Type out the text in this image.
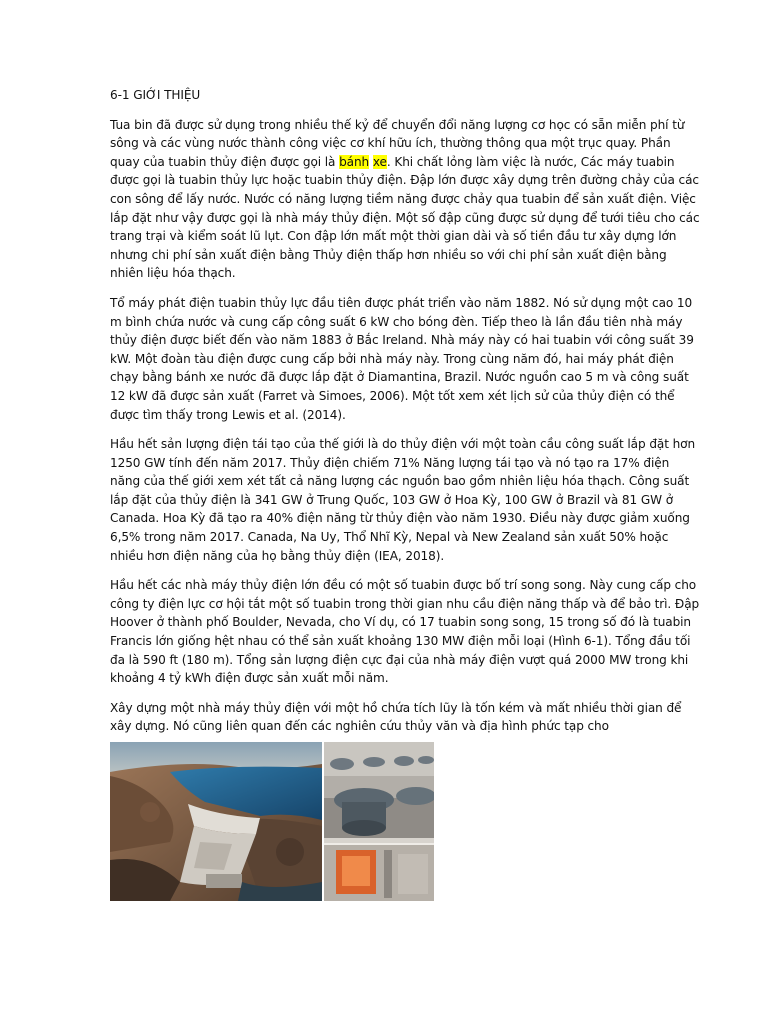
6-1 GIỚI THIỆU

Tua bin đã được sử dụng trong nhiều thế kỷ để chuyển đổi năng lượng cơ học có sẵn miễn phí từ sông và các vùng nước thành công việc cơ khí hữu ích, thường thông qua một trục quay. Phần quay của tuabin thủy điện được gọi là bánh xe. Khi chất lỏng làm việc là nước, Các máy tuabin được gọi là tuabin thủy lực hoặc tuabin thủy điện. Đập lớn được xây dựng trên đường chảy của các con sông để lấy nước. Nước có năng lượng tiềm năng được chảy qua tuabin để sản xuất điện. Việc lắp đặt như vậy được gọi là nhà máy thủy điện. Một số đập cũng được sử dụng để tưới tiêu cho các trang trại và kiểm soát lũ lụt. Con đập lớn mất một thời gian dài và số tiền đầu tư xây dựng lớn nhưng chi phí sản xuất điện bằng Thủy điện thấp hơn nhiều so với chi phí sản xuất điện bằng nhiên liệu hóa thạch.

Tổ máy phát điện tuabin thủy lực đầu tiên được phát triển vào năm 1882. Nó sử dụng một cao 10 m bình chứa nước và cung cấp công suất 6 kW cho bóng đèn. Tiếp theo là lần đầu tiên nhà máy thủy điện được biết đến vào năm 1883 ở Bắc Ireland. Nhà máy này có hai tuabin với công suất 39 kW. Một đoàn tàu điện được cung cấp bởi nhà máy này. Trong cùng năm đó, hai máy phát điện chạy bằng bánh xe nước đã được lắp đặt ở Diamantina, Brazil. Nước nguồn cao 5 m và công suất 12 kW đã được sản xuất (Farret và Simoes, 2006). Một tốt xem xét lịch sử của thủy điện có thể được tìm thấy trong Lewis et al. (2014).

Hầu hết sản lượng điện tái tạo của thế giới là do thủy điện với một toàn cầu công suất lắp đặt hơn 1250 GW tính đến năm 2017. Thủy điện chiếm 71% Năng lượng tái tạo và nó tạo ra 17% điện năng của thế giới xem xét tất cả năng lượng các nguồn bao gồm nhiên liệu hóa thạch. Công suất lắp đặt của thủy điện là 341 GW ở Trung Quốc, 103 GW ở Hoa Kỳ, 100 GW ở Brazil và 81 GW ở Canada. Hoa Kỳ đã tạo ra 40% điện năng từ thủy điện vào năm 1930. Điều này được giảm xuống 6,5% trong năm 2017. Canada, Na Uy, Thổ Nhĩ Kỳ, Nepal và New Zealand sản xuất 50% hoặc nhiều hơn điện năng của họ bằng thủy điện (IEA, 2018).

Hầu hết các nhà máy thủy điện lớn đều có một số tuabin được bố trí song song. Này cung cấp cho công ty điện lực cơ hội tắt một số tuabin trong thời gian nhu cầu điện năng thấp và để bảo trì. Đập Hoover ở thành phố Boulder, Nevada, cho Ví dụ, có 17 tuabin song song, 15 trong số đó là tuabin Francis lớn giống hệt nhau có thể sản xuất khoảng 130 MW điện mỗi loại (Hình 6-1). Tổng đầu tối đa là 590 ft (180 m). Tổng sản lượng điện cực đại của nhà máy điện vượt quá 2000 MW trong khi khoảng 4 tỷ kWh điện được sản xuất mỗi năm.

Xây dựng một nhà máy thủy điện với một hồ chứa tích lũy là tốn kém và mất nhiều thời gian để xây dựng. Nó cũng liên quan đến các nghiên cứu thủy văn và địa hình phức tạp cho
